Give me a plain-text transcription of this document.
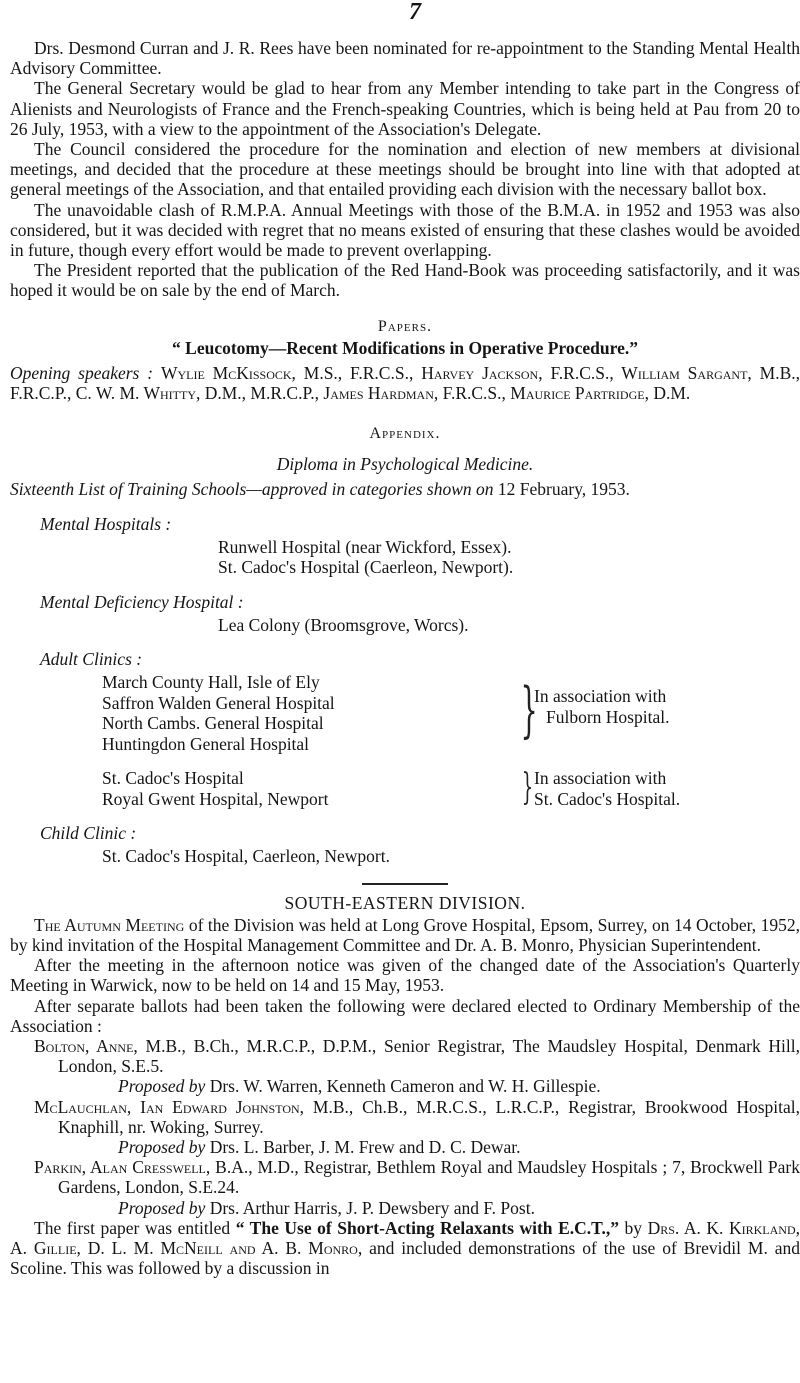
7

Drs. Desmond Curran and J. R. Rees have been nominated for re-appointment to the Standing Mental Health Advisory Committee.

The General Secretary would be glad to hear from any Member intending to take part in the Congress of Alienists and Neurologists of France and the French-speaking Countries, which is being held at Pau from 20 to 26 July, 1953, with a view to the appointment of the Association's Delegate.

The Council considered the procedure for the nomination and election of new members at divisional meetings, and decided that the procedure at these meetings should be brought into line with that adopted at general meetings of the Association, and that entailed providing each division with the necessary ballot box.

The unavoidable clash of R.M.P.A. Annual Meetings with those of the B.M.A. in 1952 and 1953 was also considered, but it was decided with regret that no means existed of ensuring that these clashes would be avoided in future, though every effort would be made to prevent overlapping.

The President reported that the publication of the Red Hand-Book was proceeding satisfactorily, and it was hoped it would be on sale by the end of March.

Papers.
“ Leucotomy—Recent Modifications in Operative Procedure.”

Opening speakers : Wylie McKissock, M.S., F.R.C.S., Harvey Jackson, F.R.C.S., William Sargant, M.B., F.R.C.P., C. W. M. Whitty, D.M., M.R.C.P., James Hardman, F.R.C.S., Maurice Partridge, D.M.

Appendix.
Diploma in Psychological Medicine.

Sixteenth List of Training Schools—approved in categories shown on 12 February, 1953.

Mental Hospitals :
Runwell Hospital (near Wickford, Essex).
St. Cadoc's Hospital (Caerleon, Newport).
Mental Deficiency Hospital :
Lea Colony (Broomsgrove, Worcs).
Adult Clinics :
March County Hall, Isle of Ely
Saffron Walden General Hospital
North Cambs. General Hospital
Huntingdon General Hospital	}
In association with
Fulborn Hospital.
St. Cadoc's Hospital
Royal Gwent Hospital, Newport	} In association with
St. Cadoc's Hospital.
Child Clinic :
St. Cadoc's Hospital, Caerleon, Newport.
SOUTH-EASTERN DIVISION.

The Autumn Meeting of the Division was held at Long Grove Hospital, Epsom, Surrey, on 14 October, 1952, by kind invitation of the Hospital Management Committee and Dr. A. B. Monro, Physician Superintendent.

After the meeting in the afternoon notice was given of the changed date of the Association's Quarterly Meeting in Warwick, now to be held on 14 and 15 May, 1953.

After separate ballots had been taken the following were declared elected to Ordinary Membership of the Association :

Bolton, Anne, M.B., B.Ch., M.R.C.P., D.P.M., Senior Registrar, The Maudsley Hospital, Denmark Hill, London, S.E.5.

Proposed by Drs. W. Warren, Kenneth Cameron and W. H. Gillespie.

McLauchlan, Ian Edward Johnston, M.B., Ch.B., M.R.C.S., L.R.C.P., Registrar, Brookwood Hospital, Knaphill, nr. Woking, Surrey.

Proposed by Drs. L. Barber, J. M. Frew and D. C. Dewar.

Parkin, Alan Cresswell, B.A., M.D., Registrar, Bethlem Royal and Maudsley Hospitals ; 7, Brockwell Park Gardens, London, S.E.24.

Proposed by Drs. Arthur Harris, J. P. Dewsbery and F. Post.

The first paper was entitled “ The Use of Short-Acting Relaxants with E.C.T.,” by Drs. A. K. Kirkland, A. Gillie, D. L. M. McNeill and A. B. Monro, and included demonstrations of the use of Brevidil M. and Scoline. This was followed by a discussion in
